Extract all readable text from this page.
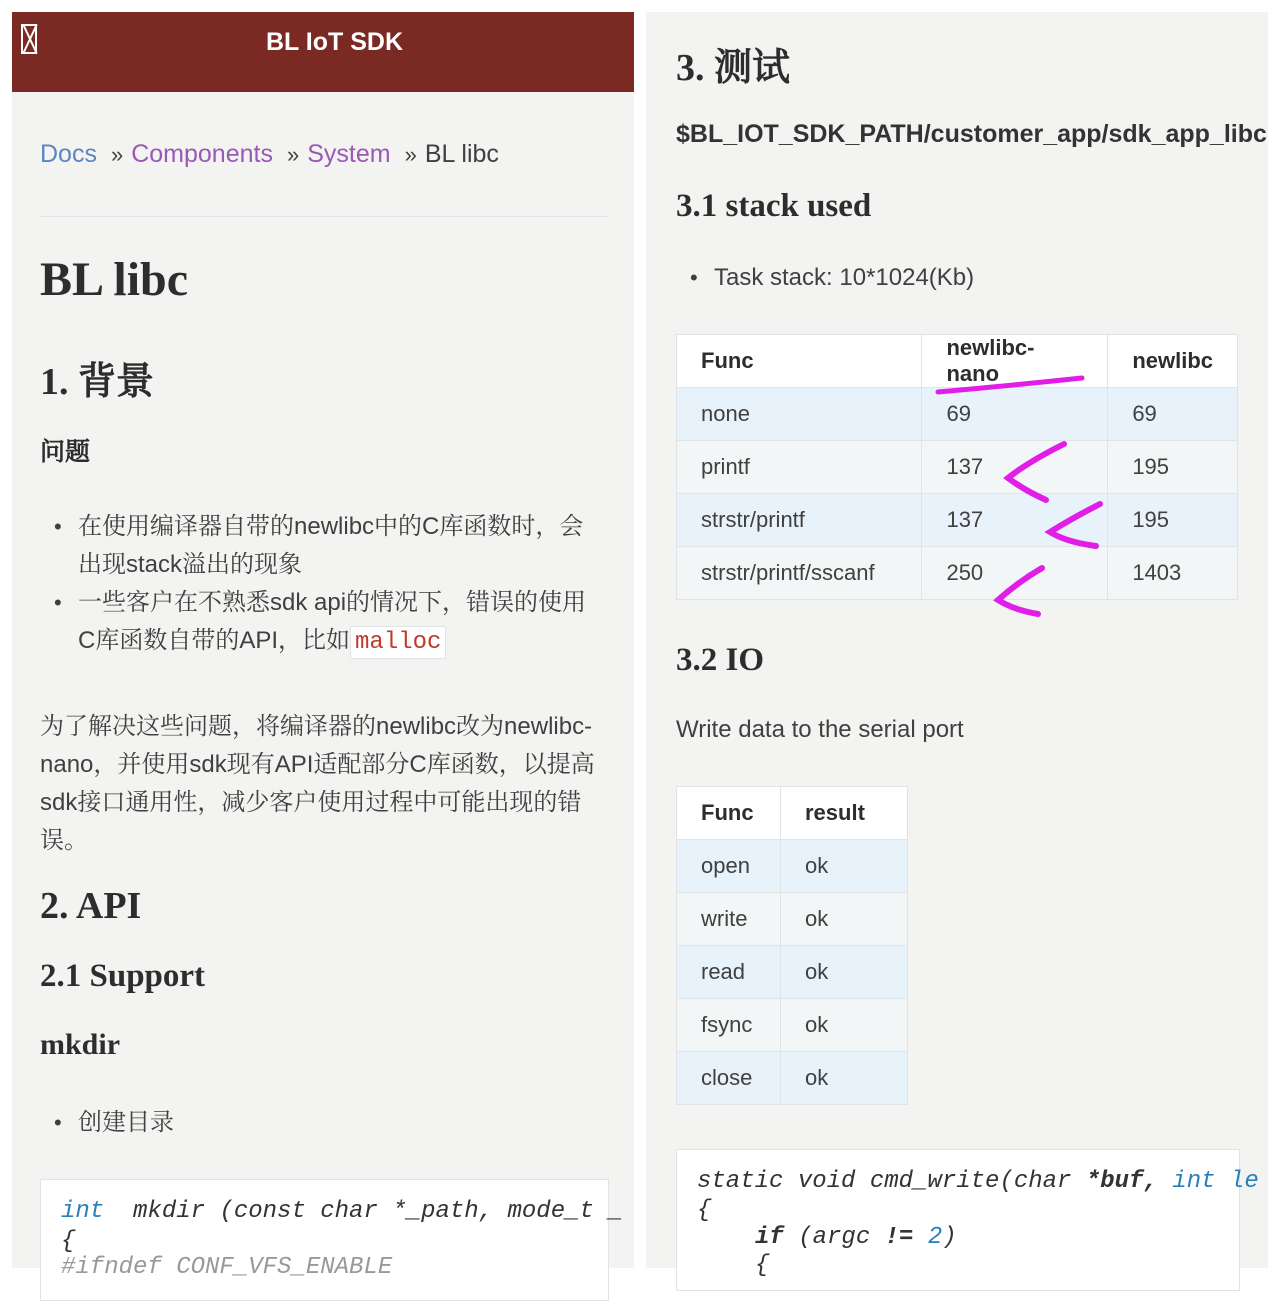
BL IoT SDK
Docs » Components » System » BL libc
BL libc
1. 背景
问题
• 在使用编译器自带的newlibc中的C库函数时，会出现stack溢出的现象
• 一些客户在不熟悉sdk api的情况下，错误的使用C库函数自带的API，比如 malloc
为了解决这些问题，将编译器的newlibc改为newlibc-nano，并使用sdk现有API适配部分C库函数，以提高sdk接口通用性，减少客户使用过程中可能出现的错误。
2. API
2.1 Support
mkdir
• 创建目录
int  mkdir (const char *_path, mode_t _
{
#ifndef CONF_VFS_ENABLE
3. 测试
$BL_IOT_SDK_PATH/customer_app/sdk_app_libc
3.1 stack used
• Task stack: 10*1024(Kb)
Func	newlibc-nano	newlibc
none	69	69
printf	137	195
strstr/printf	137	195
strstr/printf/sscanf	250	1403
3.2 IO
Write data to the serial port
Func	result
open	ok
write	ok
read	ok
fsync	ok
close	ok
static void cmd_write(char *buf, int le
{
if (argc != 2)
{
